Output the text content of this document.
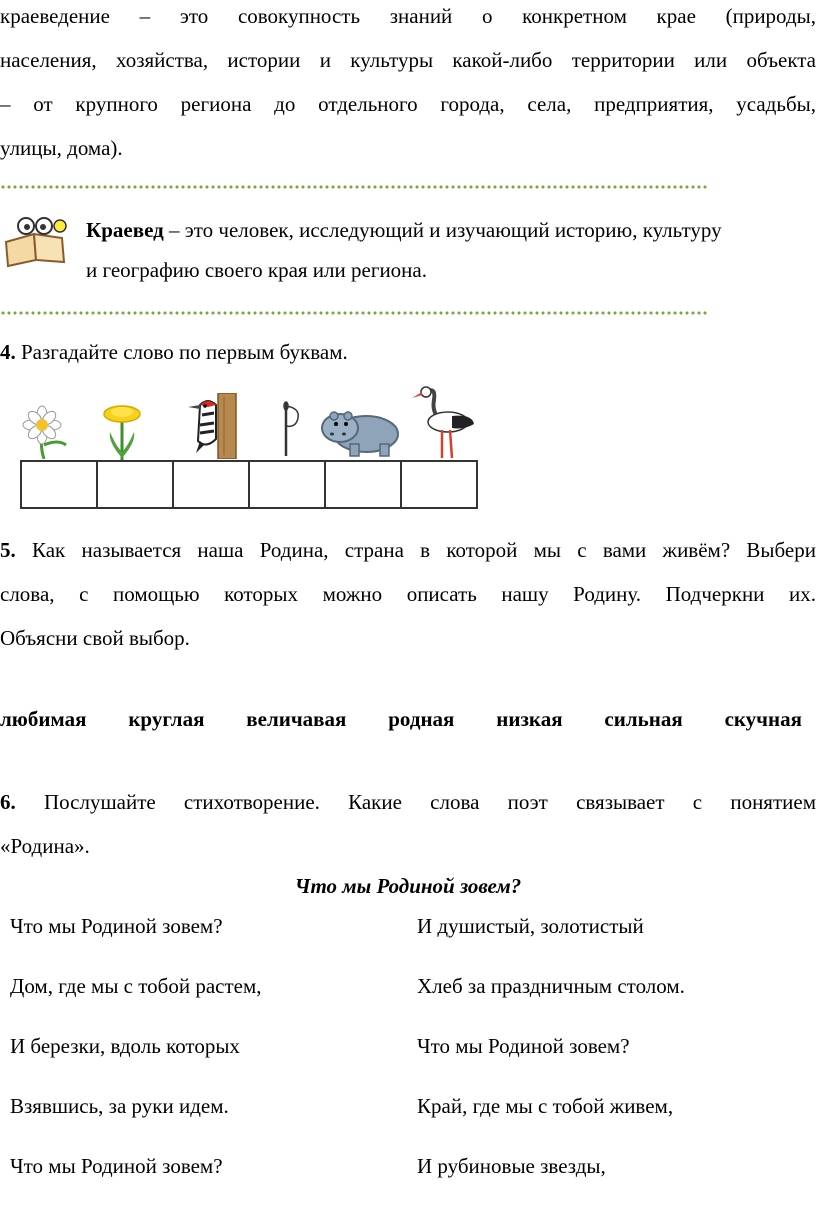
краеведение – это совокупность знаний о конкретном крае (природы,
населения, хозяйства, истории и культуры какой-либо территории или объекта
– от крупного региона до отдельного города, села, предприятия, усадьбы,
улицы, дома).
Краевед – это человек, исследующий и изучающий историю, культуру
и географию своего края или региона.
4. Разгадайте слово по первым буквам.
5. Как называется наша Родина, страна в которой мы с вами живём? Выбери
слова, с помощью которых можно описать нашу Родину. Подчеркни их.
Объясни свой выбор.
любимая круглая величавая родная низкая сильная скучная
6. Послушайте стихотворение. Какие слова поэт связывает с понятием
«Родина».
Что мы Родиной зовем?
Что мы Родиной зовем?
Дом, где мы с тобой растем,
И березки, вдоль которых
Взявшись, за руки идем.
Что мы Родиной зовем?
И душистый, золотистый
Хлеб за праздничным столом.
Что мы Родиной зовем?
Край, где мы с тобой живем,
И рубиновые звезды,
